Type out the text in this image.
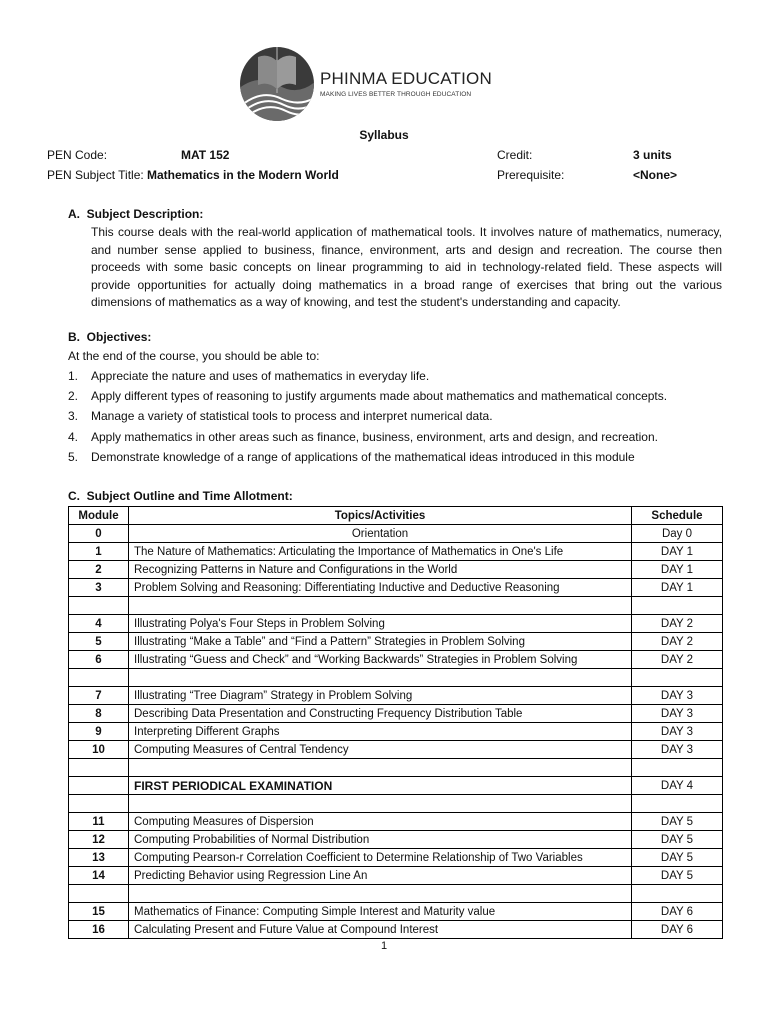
PHINMA EDUCATION
MAKING LIVES BETTER THROUGH EDUCATION
Syllabus
PEN Code:	MAT 152
PEN Subject Title: Mathematics in the Modern World
Credit:	3 units
Prerequisite:	<None>
A.  Subject Description:
This course deals with the real-world application of mathematical tools. It involves nature of mathematics, numeracy, and number sense applied to business, finance, environment, arts and design and recreation. The course then proceeds with some basic concepts on linear programming to aid in technology-related field. These aspects will provide opportunities for actually doing mathematics in a broad range of exercises that bring out the various dimensions of mathematics as a way of knowing, and test the student's understanding and capacity.
B.  Objectives:
At the end of the course, you should be able to:
1. Appreciate the nature and uses of mathematics in everyday life.
2. Apply different types of reasoning to justify arguments made about mathematics and mathematical concepts.
3. Manage a variety of statistical tools to process and interpret numerical data.
4. Apply mathematics in other areas such as finance, business, environment, arts and design, and recreation.
5. Demonstrate knowledge of a range of applications of the mathematical ideas introduced in this module
C.  Subject Outline and Time Allotment:
Module	Topics/Activities	Schedule
0	Orientation	Day 0
1	The Nature of Mathematics: Articulating the Importance of Mathematics in One's Life	DAY 1
2	Recognizing Patterns in Nature and Configurations in the World	DAY 1
3	Problem Solving and Reasoning: Differentiating Inductive and Deductive Reasoning	DAY 1

4	Illustrating Polya's Four Steps in Problem Solving	DAY 2
5	Illustrating “Make a Table” and “Find a Pattern” Strategies in Problem Solving	DAY 2
6	Illustrating “Guess and Check” and “Working Backwards” Strategies in Problem Solving	DAY 2

7	Illustrating “Tree Diagram” Strategy in Problem Solving	DAY 3
8	Describing Data Presentation and Constructing Frequency Distribution Table	DAY 3
9	Interpreting Different Graphs	DAY 3
10	Computing Measures of Central Tendency	DAY 3

	FIRST PERIODICAL EXAMINATION	DAY 4

11	Computing Measures of Dispersion	DAY 5
12	Computing Probabilities of Normal Distribution	DAY 5
13	Computing Pearson-r Correlation Coefficient to Determine Relationship of Two Variables	DAY 5
14	Predicting Behavior using Regression Line An	DAY 5

15	Mathematics of Finance: Computing Simple Interest and Maturity value	DAY 6
16	Calculating Present and Future Value at Compound Interest	DAY 6
1
